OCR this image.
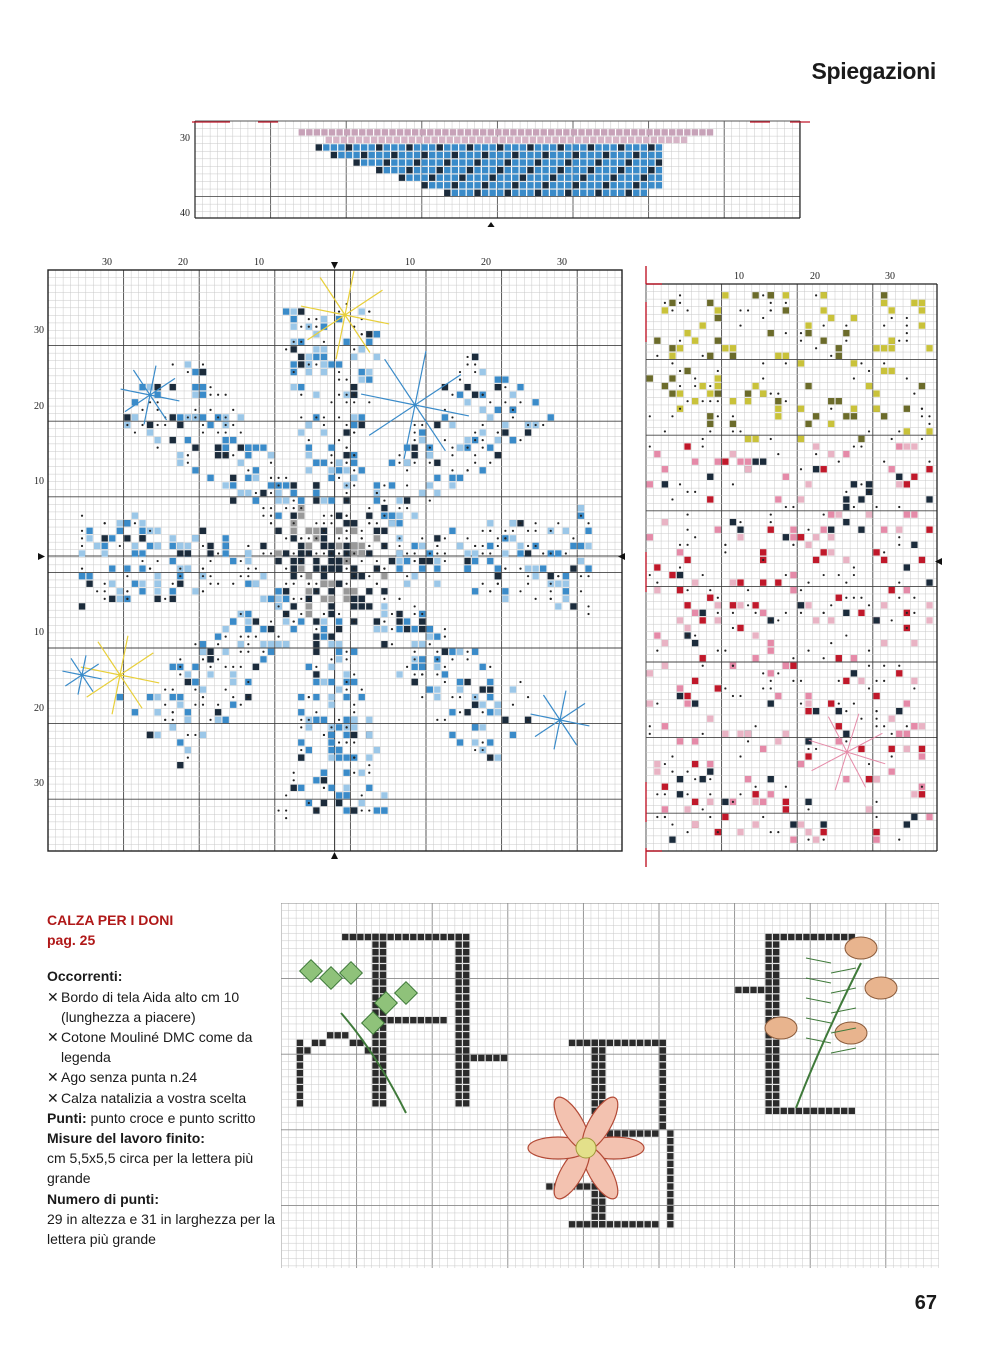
Spiegazioni
30
40
30	20	10	10	20	30
30
20
10
10
20
30
10	20	30
CALZA PER I DONI
pag. 25
Occorrenti:
✕ Bordo di tela Aida alto cm 10 (lunghezza a piacere)
✕ Cotone Mouliné DMC come da legenda
✕ Ago senza punta n.24
✕ Calza natalizia a vostra scelta
Punti: punto croce e punto scritto
Misure del lavoro finito:
cm 5,5x5,5 circa per la lettera più grande
Numero di punti:
29 in altezza e 31 in larghezza per la lettera più grande
67
